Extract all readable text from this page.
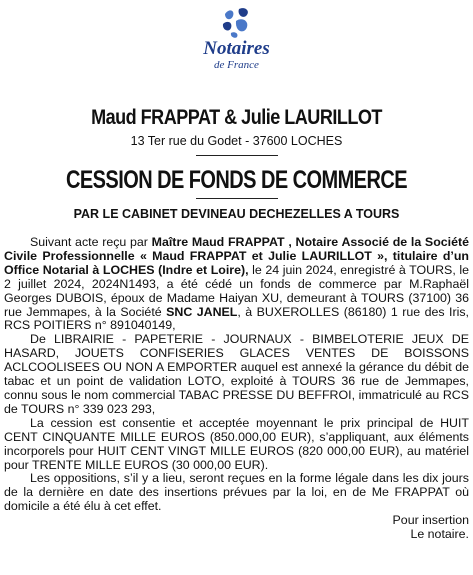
Notaires
de France
Maud FRAPPAT & Julie LAURILLOT
13 Ter rue du Godet - 37600 LOCHES
CESSION DE FONDS DE COMMERCE
PAR LE CABINET DEVINEAU DECHEZELLES A TOURS

Suivant acte reçu par Maître Maud FRAPPAT , Notaire Associé de la Société Civile Professionnelle « Maud FRAPPAT et Julie LAURILLOT », titulaire d’un Office Notarial à LOCHES (Indre et Loire), le 24 juin 2024, enregistré à TOURS, le 2 juillet 2024, 2024N1493, a été cédé un fonds de commerce par M.Raphaël Georges DUBOIS, époux de Madame Haiyan XU, demeurant à TOURS (37100) 36 rue Jemmapes, à la Société SNC JANEL, à BUXEROLLES (86180) 1 rue des Iris, RCS POITIERS n° 891040149,

De LIBRAIRIE - PAPETERIE - JOURNAUX - BIMBELOTERIE JEUX DE HASARD, JOUETS CONFISERIES GLACES VENTES DE BOISSONS ACLCOOLISEES OU NON A EMPORTER auquel est annexé la gérance du débit de tabac et un point de validation LOTO, exploité à TOURS 36 rue de Jemmapes, connu sous le nom commercial TABAC PRESSE DU BEFFROI, immatriculé au RCS de TOURS n° 339 023 293,

La cession est consentie et acceptée moyennant le prix principal de HUIT CENT CINQUANTE MILLE EUROS (850.000,00 EUR), s’appliquant, aux éléments incorporels pour HUIT CENT VINGT MILLE EUROS (820 000,00 EUR), au matériel pour TRENTE MILLE EUROS (30 000,00 EUR).

Les oppositions, s’il y a lieu, seront reçues en la forme légale dans les dix jours de la dernière en date des insertions prévues par la loi, en de Me FRAPPAT où domicile a été élu à cet effet.

Pour insertion
Le notaire.
